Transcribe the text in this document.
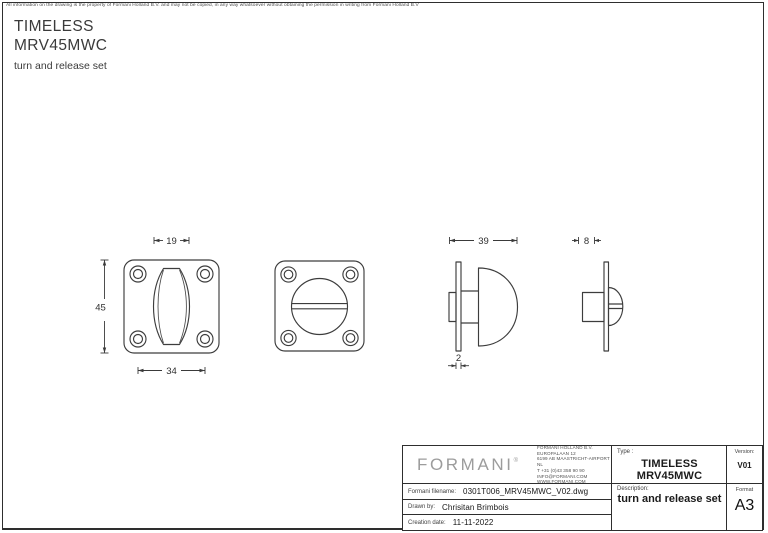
All information on the drawing is the property of Formani Holland B.V. and may not be copied, in any way whatsoever without obtaining the permission in writing from Formani Holland B.V
TIMELESS
MRV45MWC
turn and release set
19
45
34
39
2
8
FORMANI®
FORMANI HOLLAND B.V.
EUROPALAAN 12
6199 AB MAASTRICHT-AIRPORT NL
T +31 (0)43 358 90 90
INFO@FORMANI.COM
WWW.FORMANI.COM
Type :
TIMELESS MRV45MWC
Version:
V01
Formani filename: 0301T006_MRV45MWC_V02.dwg	Description:
turn and release set
Format
A3
Drawn by: Chrisitan Brimbois
Creation date: 11-11-2022
